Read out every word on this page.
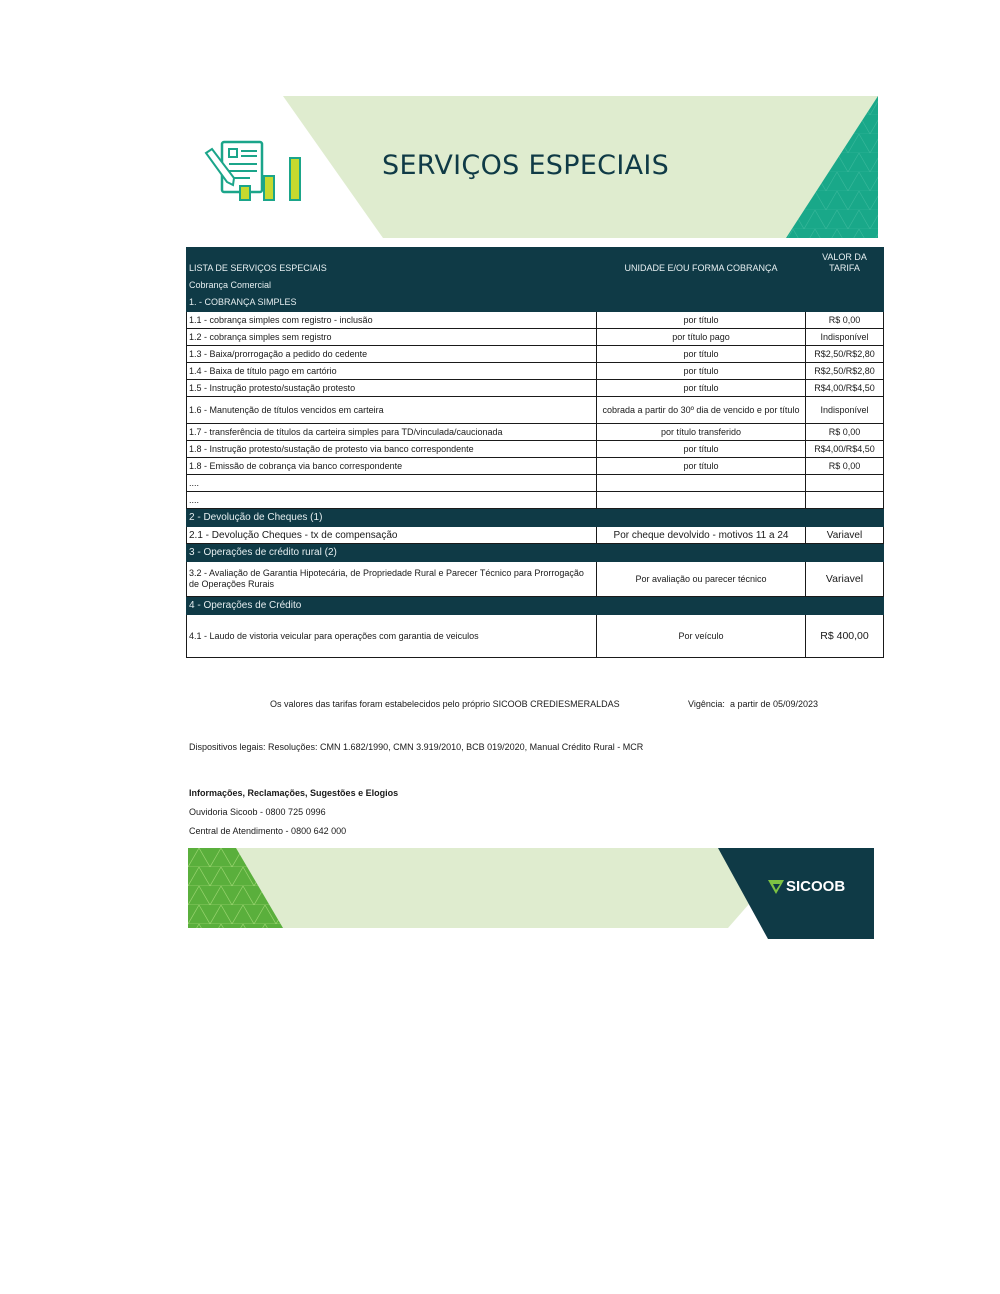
SERVIÇOS ESPECIAIS
LISTA DE SERVIÇOS ESPECIAIS	UNIDADE E/OU FORMA COBRANÇA	VALOR DA TARIFA
Cobrança Comercial		
1. - COBRANÇA SIMPLES		
1.1 - cobrança simples com registro - inclusão	por título	R$ 0,00
1.2 - cobrança simples sem registro	por título pago	Indisponível
1.3 - Baixa/prorrogação a pedido do cedente	por título	R$2,50/R$2,80
1.4 - Baixa de título pago em cartório	por título	R$2,50/R$2,80
1.5 - Instrução protesto/sustação protesto	por título	R$4,00/R$4,50
1.6 - Manutenção de títulos vencidos em carteira	cobrada a partir do 30º dia de vencido e por título	Indisponível
1.7 - transferência de títulos da carteira simples para TD/vinculada/caucionada	por título transferido	R$ 0,00
1.8 - Instrução protesto/sustação de protesto via banco correspondente	por título	R$4,00/R$4,50
1.8 - Emissão de cobrança via banco correspondente	por título	R$ 0,00
....		
....		
2 - Devolução de Cheques (1)		
2.1 - Devolução Cheques - tx de compensação	Por cheque devolvido - motivos 11 a 24	Variavel
3 - Operações de crédito rural (2)		
3.2 - Avaliação de Garantia Hipotecária, de Propriedade Rural e Parecer Técnico para Prorrogação de Operações Rurais	Por avaliação ou parecer técnico	Variavel
4 - Operações de Crédito		
4.1 - Laudo de vistoria veicular para operações com garantia de veiculos	Por veículo	R$ 400,00
Os valores das tarifas foram estabelecidos pelo próprio SICOOB CREDIESMERALDAS	Vigência: a partir de 05/09/2023
Dispositivos legais: Resoluções: CMN 1.682/1990, CMN 3.919/2010, BCB 019/2020, Manual Crédito Rural - MCR
Informações, Reclamações, Sugestões e Elogios
Ouvidoria Sicoob - 0800 725 0996
Central de Atendimento - 0800 642 000
SICOOB
